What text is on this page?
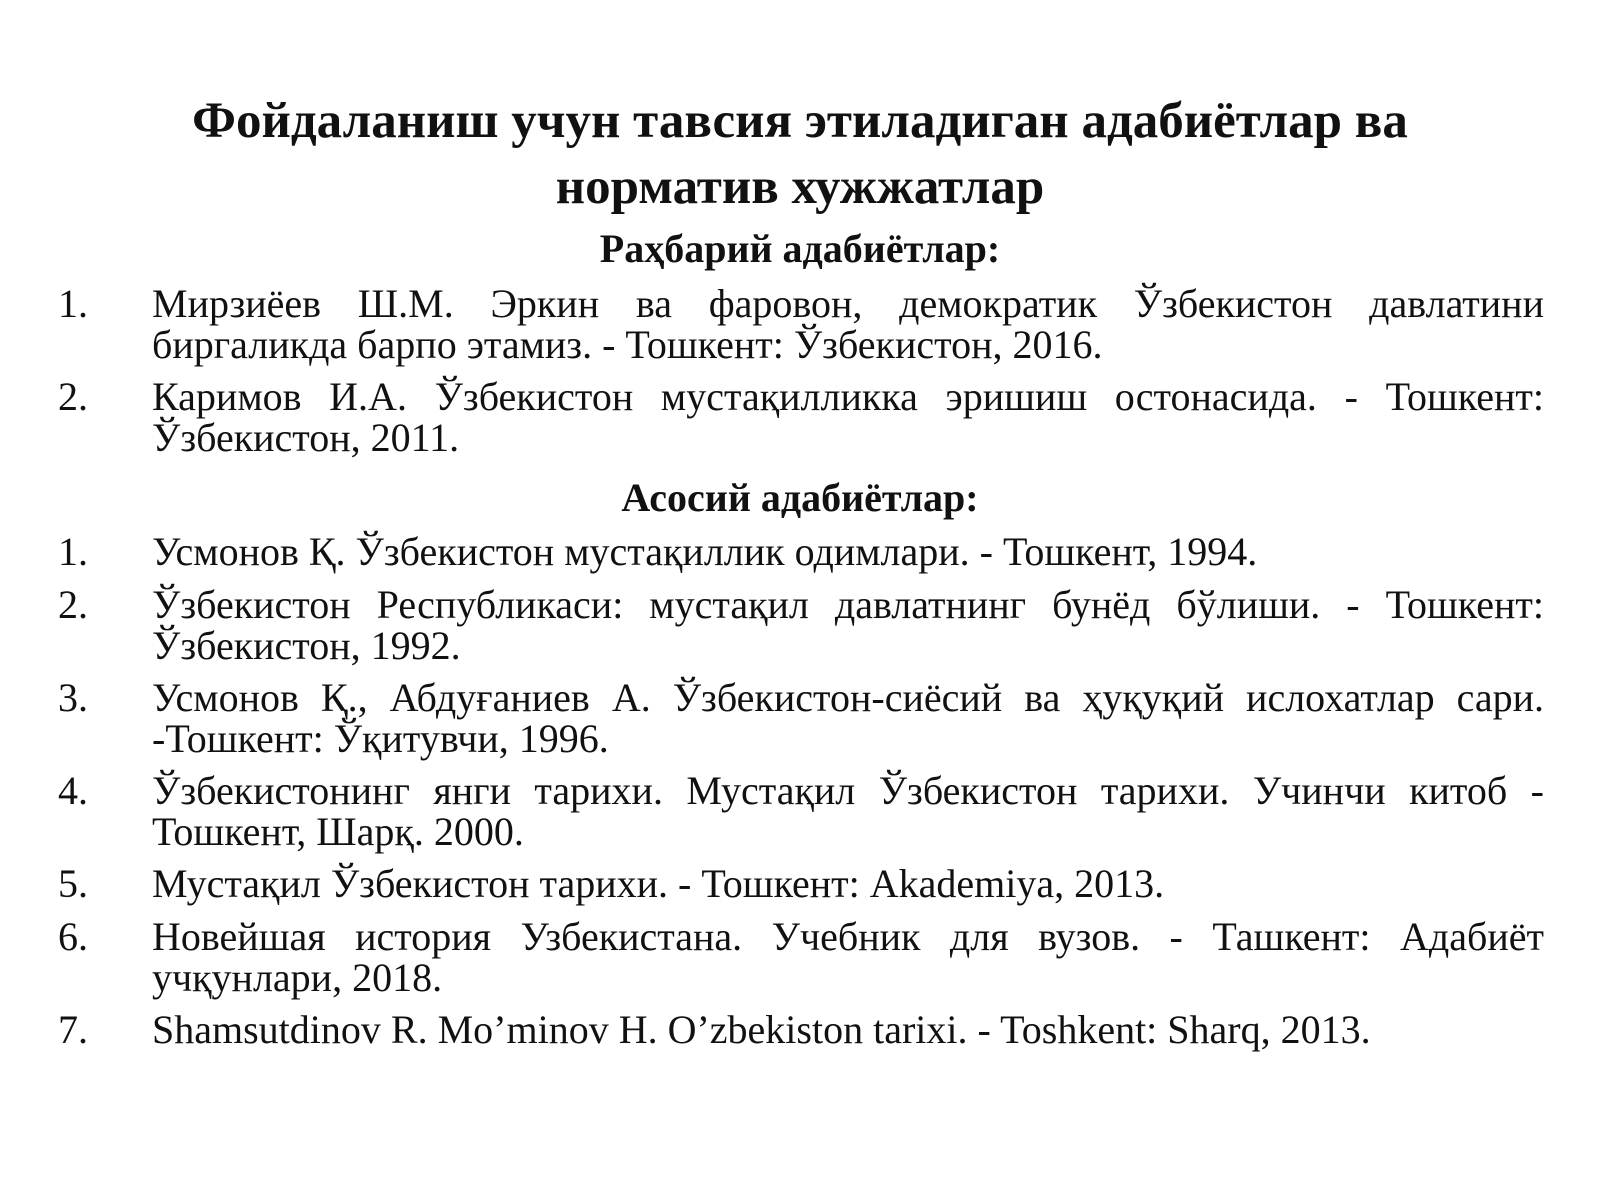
Фойдаланиш учун тавсия этиладиган адабиётлар ва
норматив хужжатлар
Раҳбарий адабиётлар:
1.	Мирзиёев Ш.М. Эркин ва фаровон, демократик Ўзбекистон давлатини биргаликда барпо этамиз. - Тошкент: Ўзбекистон, 2016.
2.	Каримов И.А. Ўзбекистон мустақилликка эришиш остонасида. - Тошкент: Ўзбекистон, 2011.
Асосий адабиётлар:
1.	Усмонов Қ. Ўзбекистон мустақиллик одимлари. - Тошкент, 1994.
2.	Ўзбекистон Республикаси: мустақил давлатнинг бунёд бўлиши. - Тошкент: Ўзбекистон, 1992.
3.	Усмонов Қ., Абдуғаниев А. Ўзбекистон-сиёсий ва ҳуқуқий ислохатлар сари. -Тошкент: Ўқитувчи, 1996.
4.	Ўзбекистонинг янги тарихи. Мустақил Ўзбекистон тарихи. Учинчи китоб - Тошкент, Шарқ. 2000.
5.	Мустақил Ўзбекистон тарихи. - Тошкент: Akademiya, 2013.
6.	Новейшая история Узбекистана. Учебник для вузов. - Ташкент: Адабиёт учқунлари, 2018.
7.	Shamsutdinov R. Mo’minov H. O’zbekiston tarixi. - Toshkent: Sharq, 2013.
